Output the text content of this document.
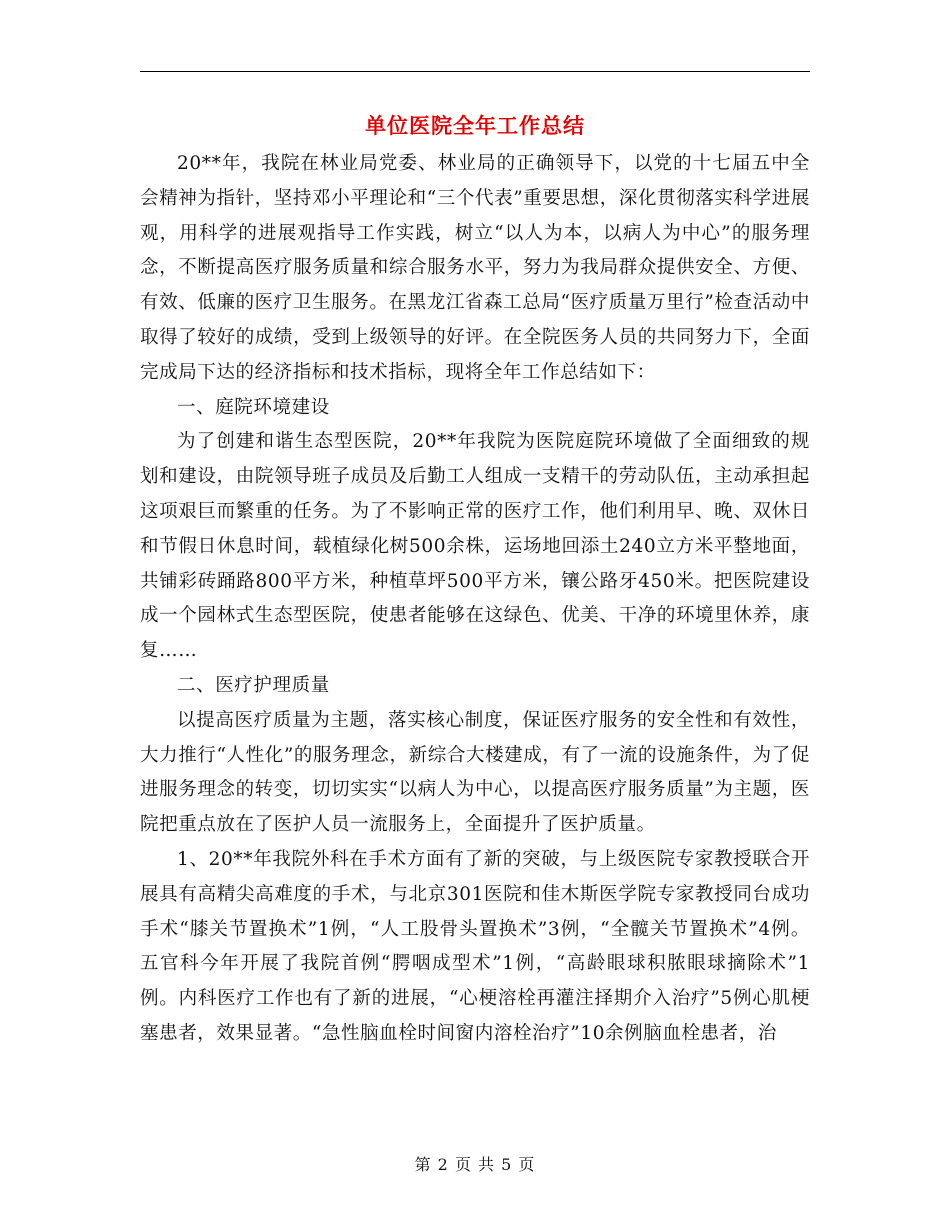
单位医院全年工作总结

20**年，我院在林业局党委、林业局的正确领导下，以党的十七届五中全会精神为指针，坚持邓小平理论和“三个代表”重要思想，深化贯彻落实科学进展观，用科学的进展观指导工作实践，树立“以人为本，以病人为中心”的服务理念，不断提高医疗服务质量和综合服务水平，努力为我局群众提供安全、方便、有效、低廉的医疗卫生服务。在黑龙江省森工总局“医疗质量万里行”检查活动中取得了较好的成绩，受到上级领导的好评。在全院医务人员的共同努力下，全面完成局下达的经济指标和技术指标，现将全年工作总结如下：

一、庭院环境建设

为了创建和谐生态型医院，20**年我院为医院庭院环境做了全面细致的规划和建设，由院领导班子成员及后勤工人组成一支精干的劳动队伍，主动承担起这项艰巨而繁重的任务。为了不影响正常的医疗工作，他们利用早、晚、双休日和节假日休息时间，载植绿化树500余株，运场地回添土240立方米平整地面，共铺彩砖踊路800平方米，种植草坪500平方米，镶公路牙450米。把医院建设成一个园林式生态型医院，使患者能够在这绿色、优美、干净的环境里休养，康复……

二、医疗护理质量

以提高医疗质量为主题，落实核心制度，保证医疗服务的安全性和有效性，大力推行“人性化”的服务理念，新综合大楼建成，有了一流的设施条件，为了促进服务理念的转变，切切实实“以病人为中心，以提高医疗服务质量”为主题，医院把重点放在了医护人员一流服务上，全面提升了医护质量。

1、20**年我院外科在手术方面有了新的突破，与上级医院专家教授联合开展具有高精尖高难度的手术，与北京301医院和佳木斯医学院专家教授同台成功手术“膝关节置换术”1例，“人工股骨头置换术”3例，“全髋关节置换术”4例。五官科今年开展了我院首例“腭咽成型术”1例，“高龄眼球积脓眼球摘除术”1例。内科医疗工作也有了新的进展，“心梗溶栓再灌注择期介入治疗”5例心肌梗塞患者，效果显著。“急性脑血栓时间窗内溶栓治疗”10余例脑血栓患者，治

第 2 页 共 5 页
